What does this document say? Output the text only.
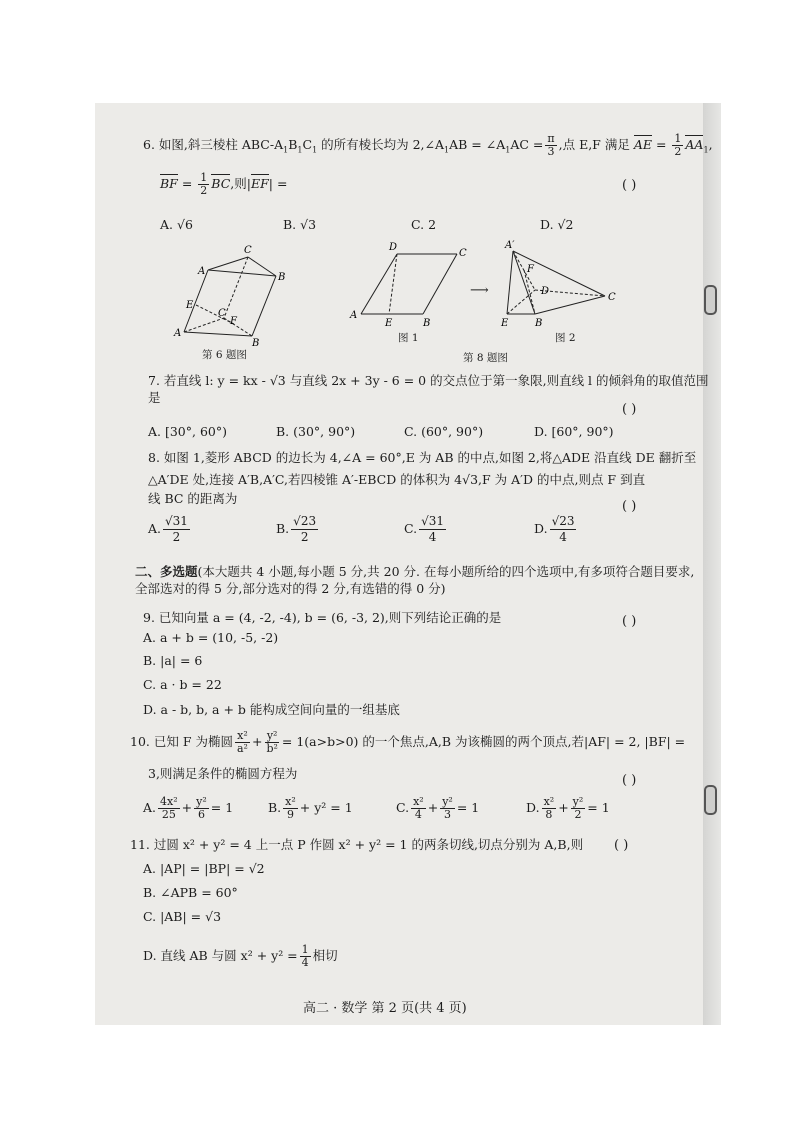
6. 如图,斜三棱柱 ABC-$A_1B_1C_1$ 的所有棱长均为 $2,\angle A_1AB$ = $\angle A_1AC = \frac{\pi}{3}$ ,点 E,F 满足 AE = $\frac{1}{2} AA_1$,
BF = $\frac{1}{2}$ BC,则|EF| =	( )
A. √6	B. √3	C. 2	D. √2
A
C
B
E
C
F
A
B
第 6 题图
D
C
A
E	B
A′
F
D
C
E	B
⟶
图 1	图 2
第 8 题图
7. 若直线 l: y = kx - √3 与直线 2x + 3y - 6 = 0 的交点位于第一象限,则直线 l 的倾斜角的取值范围
是
( )
A. [30°, 60°)	B. (30°, 90°)	C. (60°, 90°)	D. [60°, 90°)
8. 如图 1,菱形 ABCD 的边长为 4,∠A = 60°,E 为 AB 的中点,如图 2,将△ADE 沿直线 DE 翻折至
△A′DE 处,连接 A′B,A′C,若四棱锥 A′-EBCD 的体积为 4√3,F 为 A′D 的中点,则点 F 到直
线 BC 的距离为
( )
A. $\frac{√31}{2}$	B. $\frac{√23}{2}$	C. $\frac{√31}{4}$	D. $\frac{√23}{4}$
二、多选题(本大题共 4 小题,每小题 5 分,共 20 分. 在每小题所给的四个选项中,有多项符合题目要求,全部选对的得 5 分,部分选对的得 2 分,有选错的得 0 分)
9. 已知向量 a = (4, -2, -4), b = (6, -3, 2),则下列结论正确的是	( )
A. a + b = (10, -5, -2)
B. |a| = 6
C. a · b = 22
D. a - b, b, a + b 能构成空间向量的一组基底
10. 已知 F 为椭圆 $\frac{\text{x²}}{\text{a²}} + \frac{\text{y²}}{\text{b²}} = 1(a>b>0)$ 的一个焦点,A,B 为该椭圆的两个顶点,若|AF| = 2, |BF| =
3,则满足条件的椭圆方程为	( )
A. $\frac{\text{4x²}}{25} + \frac{\text{y²}}{6} = 1$	B. $\frac{\text{x²}}{9} + y^2 = 1$	C. $\frac{\text{x²}}{4} + \frac{\text{y²}}{3} = 1$	D. $\frac{\text{x²}}{8} + \frac{\text{y²}}{2} = 1$
11. 过圆 x² + y² = 4 上一点 P 作圆 x² + y² = 1 的两条切线,切点分别为 A,B,则 ( )
A. |AP| = |BP| = √2
B. ∠APB = 60°
C. |AB| = √3
D. 直线 AB 与圆 $x^2 + y^2 = \frac{1}{4}$ 相切
高二 · 数学 第 2 页(共 4 页)
